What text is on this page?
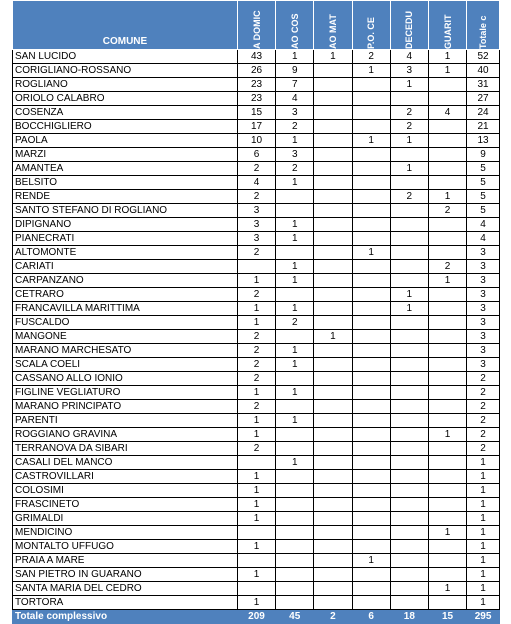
COMUNE	A DOMIC	AO COS	AO MAT	P.O. CE	DECEDU	GUARIT	Totale c

SAN LUCIDO	43	1	1	2	4	1	52
CORIGLIANO-ROSSANO	26	9		1	3	1	40
ROGLIANO	23	7			1		31
ORIOLO CALABRO	23	4					27
COSENZA	15	3			2	4	24
BOCCHIGLIERO	17	2			2		21
PAOLA	10	1		1	1		13
MARZI	6	3					9
AMANTEA	2	2			1		5
BELSITO	4	1					5
RENDE	2				2	1	5
SANTO STEFANO DI ROGLIANO	3					2	5
DIPIGNANO	3	1					4
PIANECRATI	3	1					4
ALTOMONTE	2			1			3
CARIATI		1				2	3
CARPANZANO	1	1				1	3
CETRARO	2				1		3
FRANCAVILLA MARITTIMA	1	1			1		3
FUSCALDO	1	2					3
MANGONE	2		1				3
MARANO MARCHESATO	2	1					3
SCALA COELI	2	1					3
CASSANO ALLO IONIO	2						2
FIGLINE VEGLIATURO	1	1					2
MARANO PRINCIPATO	2						2
PARENTI	1	1					2
ROGGIANO GRAVINA	1					1	2
TERRANOVA DA SIBARI	2						2
CASALI DEL MANCO		1					1
CASTROVILLARI	1						1
COLOSIMI	1						1
FRASCINETO	1						1
GRIMALDI	1						1
MENDICINO						1	1
MONTALTO UFFUGO	1						1
PRAIA A MARE				1			1
SAN PIETRO IN GUARANO	1						1
SANTA MARIA DEL CEDRO						1	1
TORTORA	1						1
Totale complessivo	209	45	2	6	18	15	295
